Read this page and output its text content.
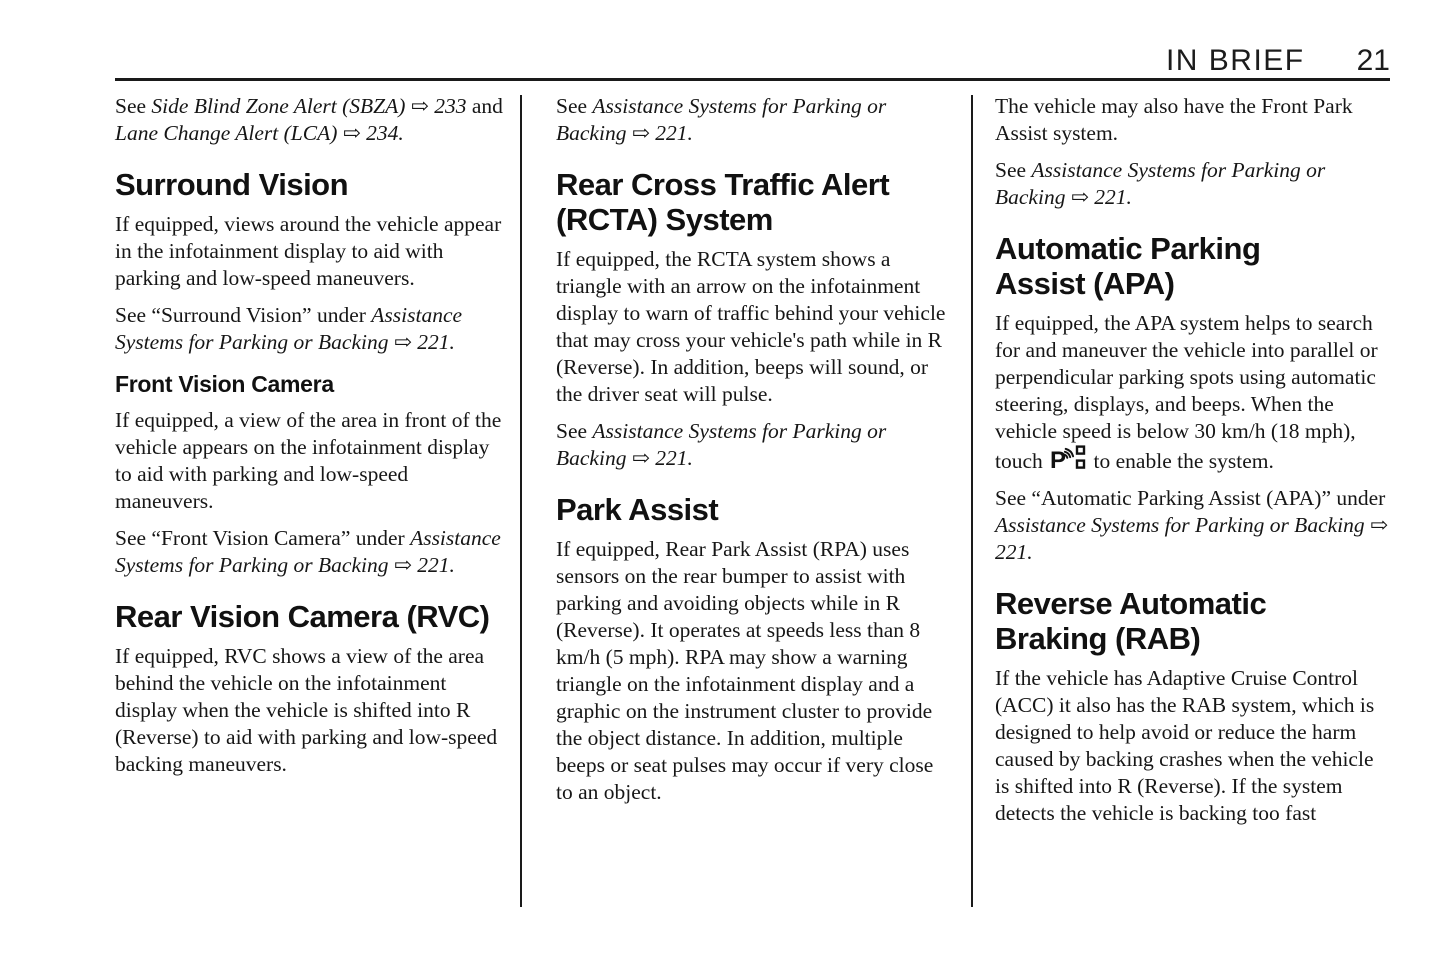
IN BRIEF 21

See Side Blind Zone Alert (SBZA) ⇨ 233 and Lane Change Alert (LCA) ⇨ 234.

Surround Vision

If equipped, views around the vehicle appear in the infotainment display to aid with parking and low-speed maneuvers.

See “Surround Vision” under Assistance Systems for Parking or Backing ⇨ 221.

Front Vision Camera

If equipped, a view of the area in front of the vehicle appears on the infotainment display to aid with parking and low-speed maneuvers.

See “Front Vision Camera” under Assistance Systems for Parking or Backing ⇨ 221.

Rear Vision Camera (RVC)

If equipped, RVC shows a view of the area behind the vehicle on the infotainment display when the vehicle is shifted into R (Reverse) to aid with parking and low-speed backing maneuvers.

See Assistance Systems for Parking or Backing ⇨ 221.

Rear Cross Traffic Alert
(RCTA) System

If equipped, the RCTA system shows a triangle with an arrow on the infotainment display to warn of traffic behind your vehicle that may cross your vehicle's path while in R (Reverse). In addition, beeps will sound, or the driver seat will pulse.

See Assistance Systems for Parking or Backing ⇨ 221.

Park Assist

If equipped, Rear Park Assist (RPA) uses sensors on the rear bumper to assist with parking and avoiding objects while in R (Reverse). It operates at speeds less than 8 km/h (5 mph). RPA may show a warning triangle on the infotainment display and a graphic on the instrument cluster to provide the object distance. In addition, multiple beeps or seat pulses may occur if very close to an object.

The vehicle may also have the Front Park Assist system.

See Assistance Systems for Parking or Backing ⇨ 221.

Automatic Parking
Assist (APA)

If equipped, the APA system helps to search for and maneuver the vehicle into parallel or perpendicular parking spots using automatic steering, displays, and beeps. When the vehicle speed is below 30 km/h (18 mph), touch P to enable the system.

See “Automatic Parking Assist (APA)” under Assistance Systems for Parking or Backing ⇨ 221.

Reverse Automatic
Braking (RAB)

If the vehicle has Adaptive Cruise Control (ACC) it also has the RAB system, which is designed to help avoid or reduce the harm caused by backing crashes when the vehicle is shifted into R (Reverse). If the system detects the vehicle is backing too fast
